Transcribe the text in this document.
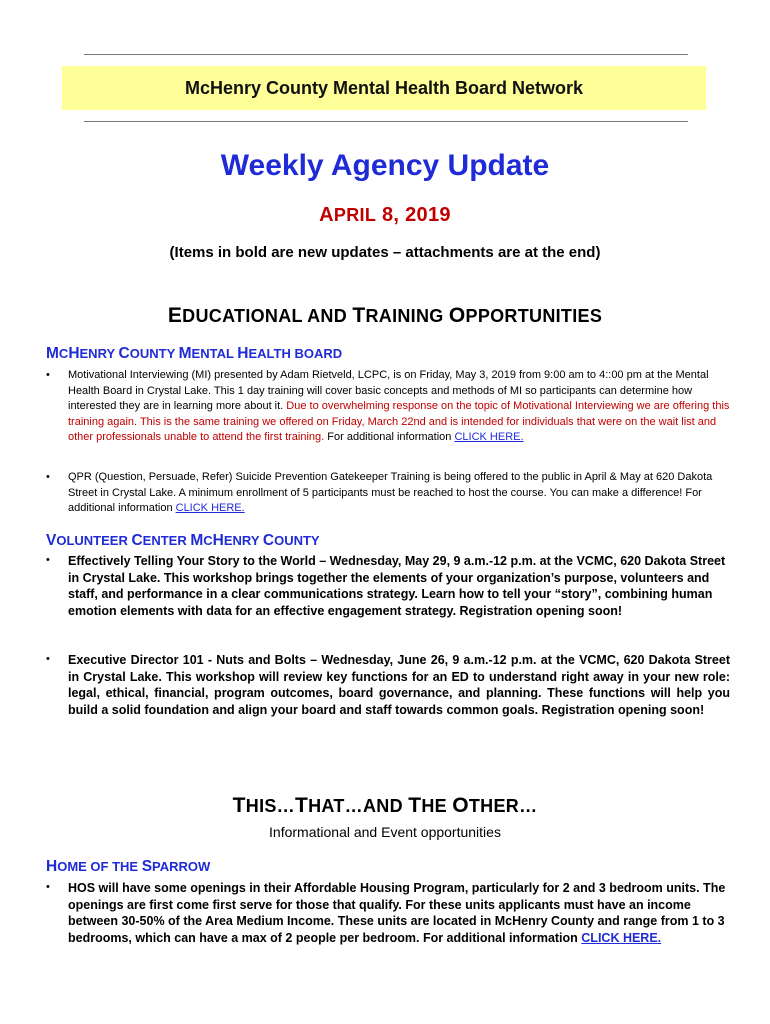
McHenry County Mental Health Board Network
Weekly Agency Update
APRIL 8, 2019
(Items in bold are new updates – attachments are at the end)
EDUCATIONAL AND TRAINING OPPORTUNITIES
MCHENRY COUNTY MENTAL HEALTH BOARD
•	Motivational Interviewing (MI) presented by Adam Rietveld, LCPC, is on Friday, May 3, 2019 from 9:00 am to 4::00 pm at the Mental Health Board in Crystal Lake. This 1 day training will cover basic concepts and methods of MI so participants can determine how interested they are in learning more about it. Due to overwhelming response on the topic of Motivational Interviewing we are offering this training again. This is the same training we offered on Friday, March 22nd and is intended for individuals that were on the wait list and other professionals unable to attend the first training. For additional information CLICK HERE.
•	QPR (Question, Persuade, Refer) Suicide Prevention Gatekeeper Training is being offered to the public in April & May at 620 Dakota Street in Crystal Lake. A minimum enrollment of 5 participants must be reached to host the course. You can make a difference! For additional information CLICK HERE.
VOLUNTEER CENTER MCHENRY COUNTY
•	Effectively Telling Your Story to the World – Wednesday, May 29, 9 a.m.-12 p.m. at the VCMC, 620 Dakota Street in Crystal Lake. This workshop brings together the elements of your organization’s purpose, volunteers and staff, and performance in a clear communications strategy. Learn how to tell your “story”, combining human emotion elements with data for an effective engagement strategy. Registration opening soon!
•	Executive Director 101 - Nuts and Bolts – Wednesday, June 26, 9 a.m.-12 p.m. at the VCMC, 620 Dakota Street in Crystal Lake. This workshop will review key functions for an ED to understand right away in your new role: legal, ethical, financial, program outcomes, board governance, and planning. These functions will help you build a solid foundation and align your board and staff towards common goals. Registration opening soon!
THIS…THAT…AND THE OTHER…
Informational and Event opportunities
HOME OF THE SPARROW
•	HOS will have some openings in their Affordable Housing Program, particularly for 2 and 3 bedroom units. The openings are first come first serve for those that qualify. For these units applicants must have an income between 30-50% of the Area Medium Income. These units are located in McHenry County and range from 1 to 3 bedrooms, which can have a max of 2 people per bedroom. For additional information CLICK HERE.
